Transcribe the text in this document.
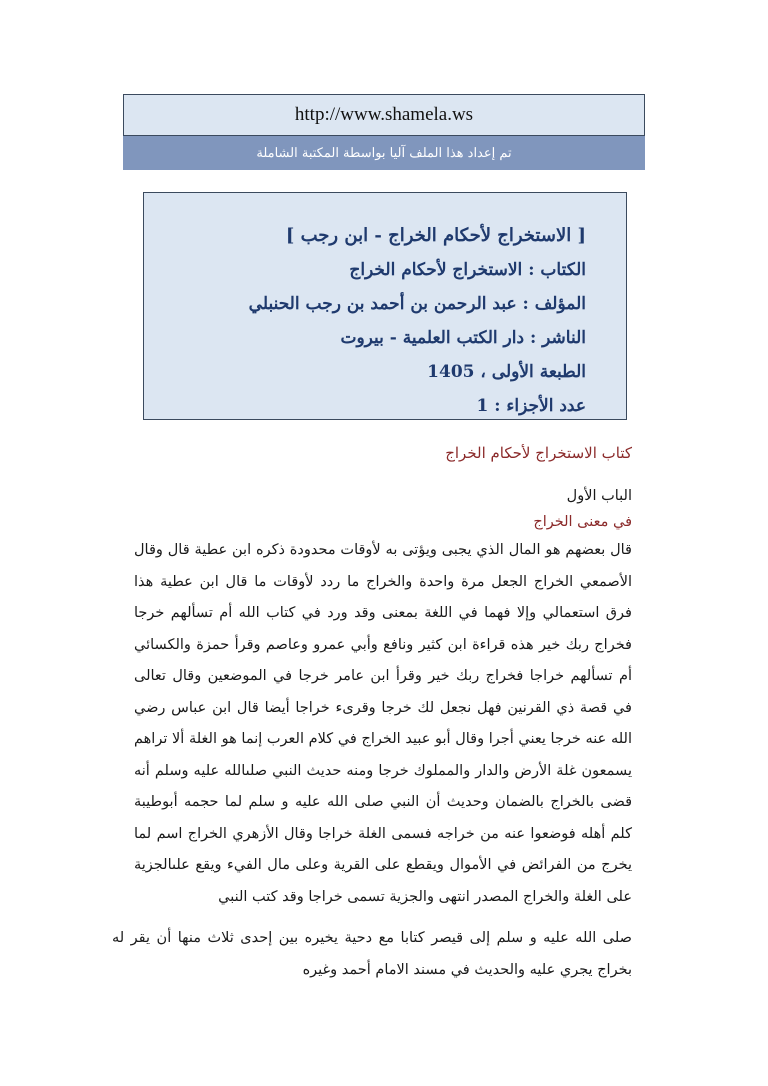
http://www.shamela.ws
تم إعداد هذا الملف آليا بواسطة المكتبة الشاملة
[ الاستخراج لأحكام الخراج - ابن رجب ]
الكتاب : الاستخراج لأحكام الخراج
المؤلف : عبد الرحمن بن أحمد بن رجب الحنبلي
الناشر : دار الكتب العلمية - بيروت
الطبعة الأولى ، 1405
عدد الأجزاء : 1
كتاب الاستخراج لأحكام الخراج
الباب الأول
في معنى الخراج

قال بعضهم هو المال الذي يجبى ويؤتى به لأوقات محدودة ذكره ابن عطية قال وقال الأصمعي الخراج الجعل مرة واحدة والخراج ما ردد لأوقات ما قال ابن عطية هذا فرق استعمالي وإلا فهما في اللغة بمعنى وقد ورد في كتاب الله أم تسألهم خرجا فخراج ربك خير هذه قراءة ابن كثير ونافع وأبي عمرو وعاصم وقرأ حمزة والكسائي أم تسألهم خراجا فخراج ربك خير وقرأ ابن عامر خرجا في الموضعين وقال تعالى في قصة ذي القرنين فهل نجعل لك خرجا وقرىء خراجا أيضا قال ابن عباس رضي الله عنه خرجا يعني أجرا وقال أبو عبيد الخراج في كلام العرب إنما هو الغلة ألا تراهم يسمعون غلة الأرض والدار والمملوك خرجا ومنه حديث النبي صلىالله عليه وسلم أنه قضى بالخراج بالضمان وحديث أن النبي صلى الله عليه و سلم لما حجمه أبوطيبة كلم أهله فوضعوا عنه من خراجه فسمى الغلة خراجا وقال الأزهري الخراج اسم لما يخرج من الفرائض في الأموال ويقطع على القرية وعلى مال الفيء ويقع علىالجزية على الغلة والخراج المصدر انتهى والجزية تسمى خراجا وقد كتب النبي

صلى الله عليه و سلم إلى قيصر كتابا مع دحية يخيره بين إحدى ثلاث منها أن يقر له بخراج يجري عليه والحديث في مسند الامام أحمد وغيره
